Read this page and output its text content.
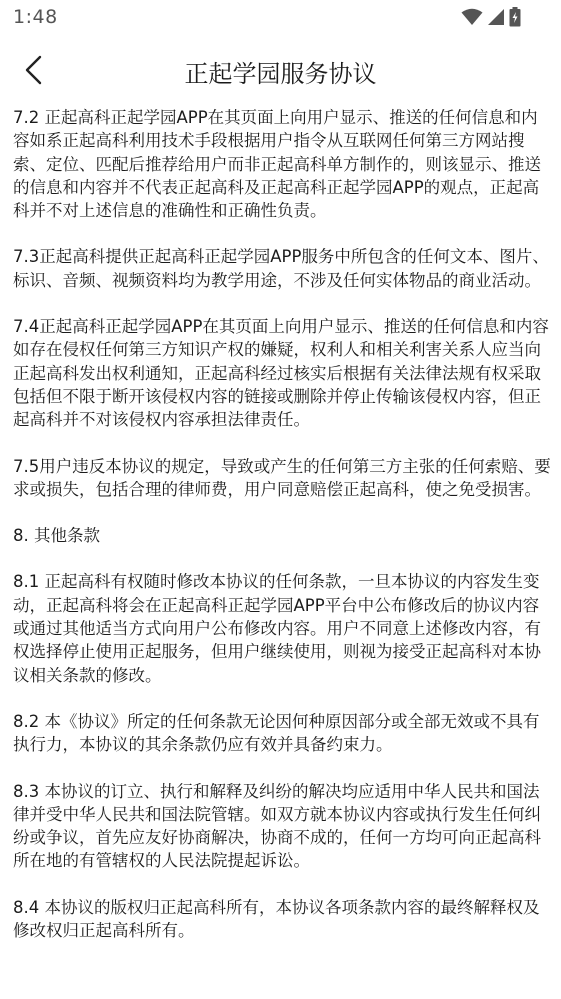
1:48
正起学园服务协议

7.2 正起高科正起学园APP在其页面上向用户显示、推送的任何信息和内容如系正起高科利用技术手段根据用户指令从互联网任何第三方网站搜索、定位、匹配后推荐给用户而非正起高科单方制作的，则该显示、推送的信息和内容并不代表正起高科及正起高科正起学园APP的观点，正起高科并不对上述信息的准确性和正确性负责。

7.3正起高科提供正起高科正起学园APP服务中所包含的任何文本、图片、标识、音频、视频资料均为教学用途，不涉及任何实体物品的商业活动。

7.4正起高科正起学园APP在其页面上向用户显示、推送的任何信息和内容如存在侵权任何第三方知识产权的嫌疑，权利人和相关利害关系人应当向正起高科发出权利通知，正起高科经过核实后根据有关法律法规有权采取包括但不限于断开该侵权内容的链接或删除并停止传输该侵权内容，但正起高科并不对该侵权内容承担法律责任。

7.5用户违反本协议的规定，导致或产生的任何第三方主张的任何索赔、要求或损失，包括合理的律师费，用户同意赔偿正起高科，使之免受损害。

8. 其他条款

8.1 正起高科有权随时修改本协议的任何条款，一旦本协议的内容发生变动，正起高科将会在正起高科正起学园APP平台中公布修改后的协议内容或通过其他适当方式向用户公布修改内容。用户不同意上述修改内容，有权选择停止使用正起服务，但用户继续使用，则视为接受正起高科对本协议相关条款的修改。

8.2 本《协议》所定的任何条款无论因何种原因部分或全部无效或不具有执行力，本协议的其余条款仍应有效并具备约束力。

8.3 本协议的订立、执行和解释及纠纷的解决均应适用中华人民共和国法律并受中华人民共和国法院管辖。如双方就本协议内容或执行发生任何纠纷或争议，首先应友好协商解决，协商不成的，任何一方均可向正起高科所在地的有管辖权的人民法院提起诉讼。

8.4 本协议的版权归正起高科所有，本协议各项条款内容的最终解释权及修改权归正起高科所有。
